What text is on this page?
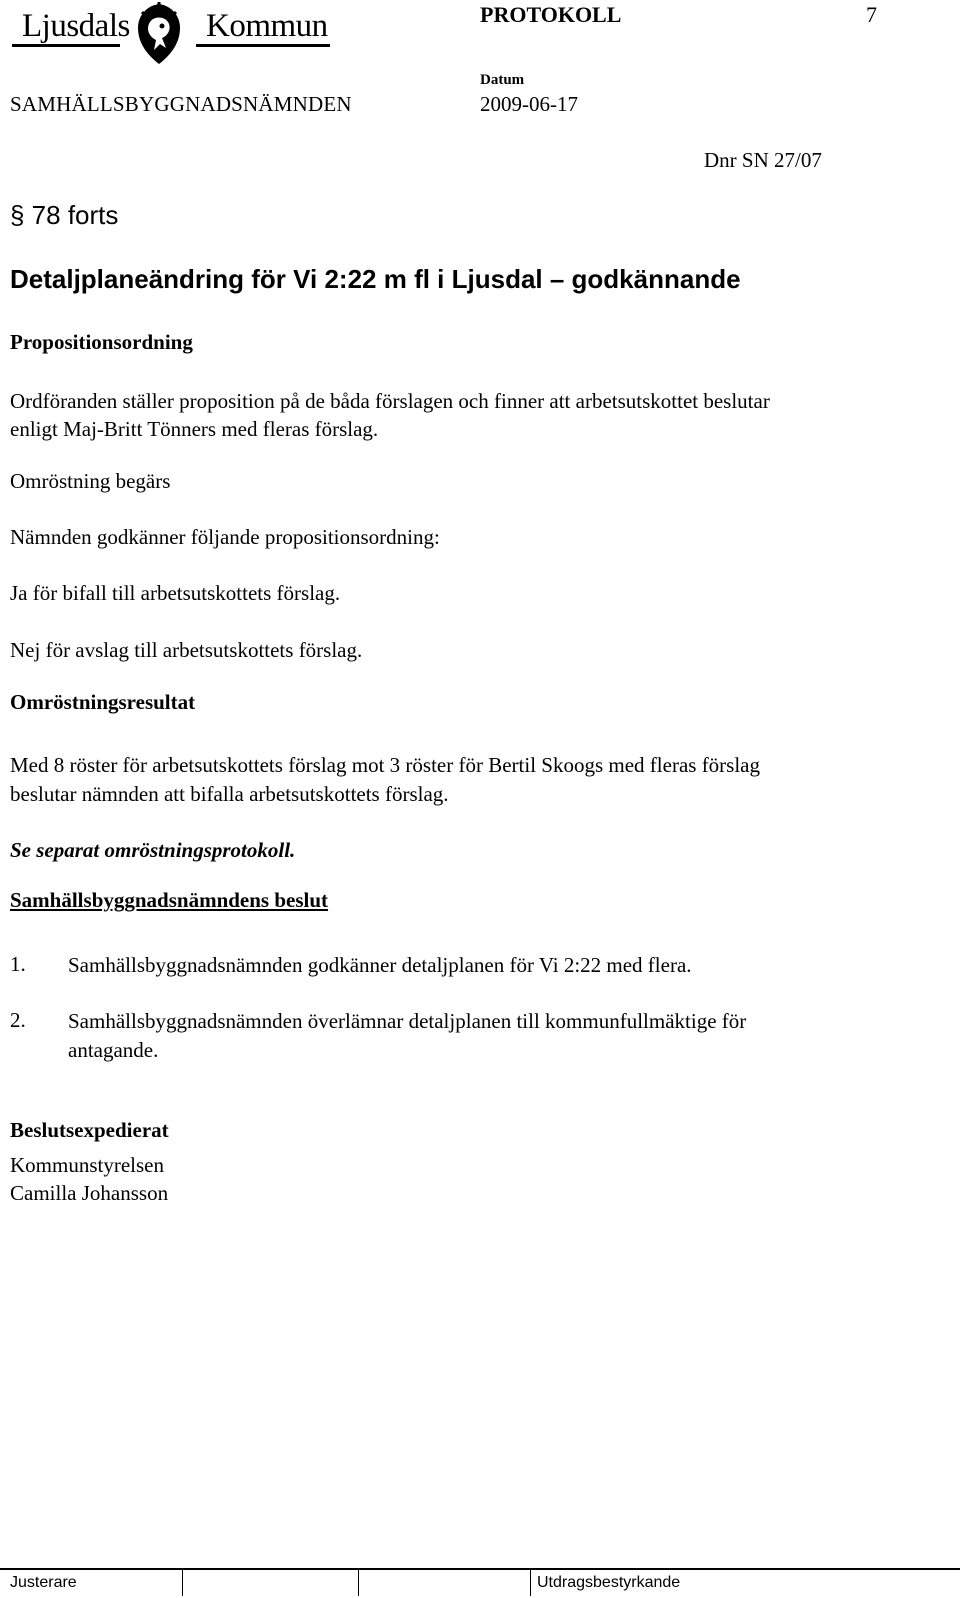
Ljusdals Kommun	PROTOKOLL	7
SAMHÄLLSBYGGNADSNÄMNDEN
Datum
2009-06-17
Dnr SN 27/07
§ 78 forts
Detaljplaneändring för Vi 2:22 m fl i Ljusdal – godkännande
Propositionsordning
Ordföranden ställer proposition på de båda förslagen och finner att arbetsutskottet beslutar
enligt Maj-Britt Tönners med fleras förslag.
Omröstning begärs
Nämnden godkänner följande propositionsordning:
Ja för bifall till arbetsutskottets förslag.
Nej för avslag till arbetsutskottets förslag.
Omröstningsresultat
Med 8 röster för arbetsutskottets förslag mot 3 röster för Bertil Skoogs med fleras förslag
beslutar nämnden att bifalla arbetsutskottets förslag.
Se separat omröstningsprotokoll.
Samhällsbyggnadsnämndens beslut
1. Samhällsbyggnadsnämnden godkänner detaljplanen för Vi 2:22 med flera.
2. Samhällsbyggnadsnämnden överlämnar detaljplanen till kommunfullmäktige för
antagande.
Beslutsexpedierat
Kommunstyrelsen
Camilla Johansson
Justerare	Utdragsbestyrkande
